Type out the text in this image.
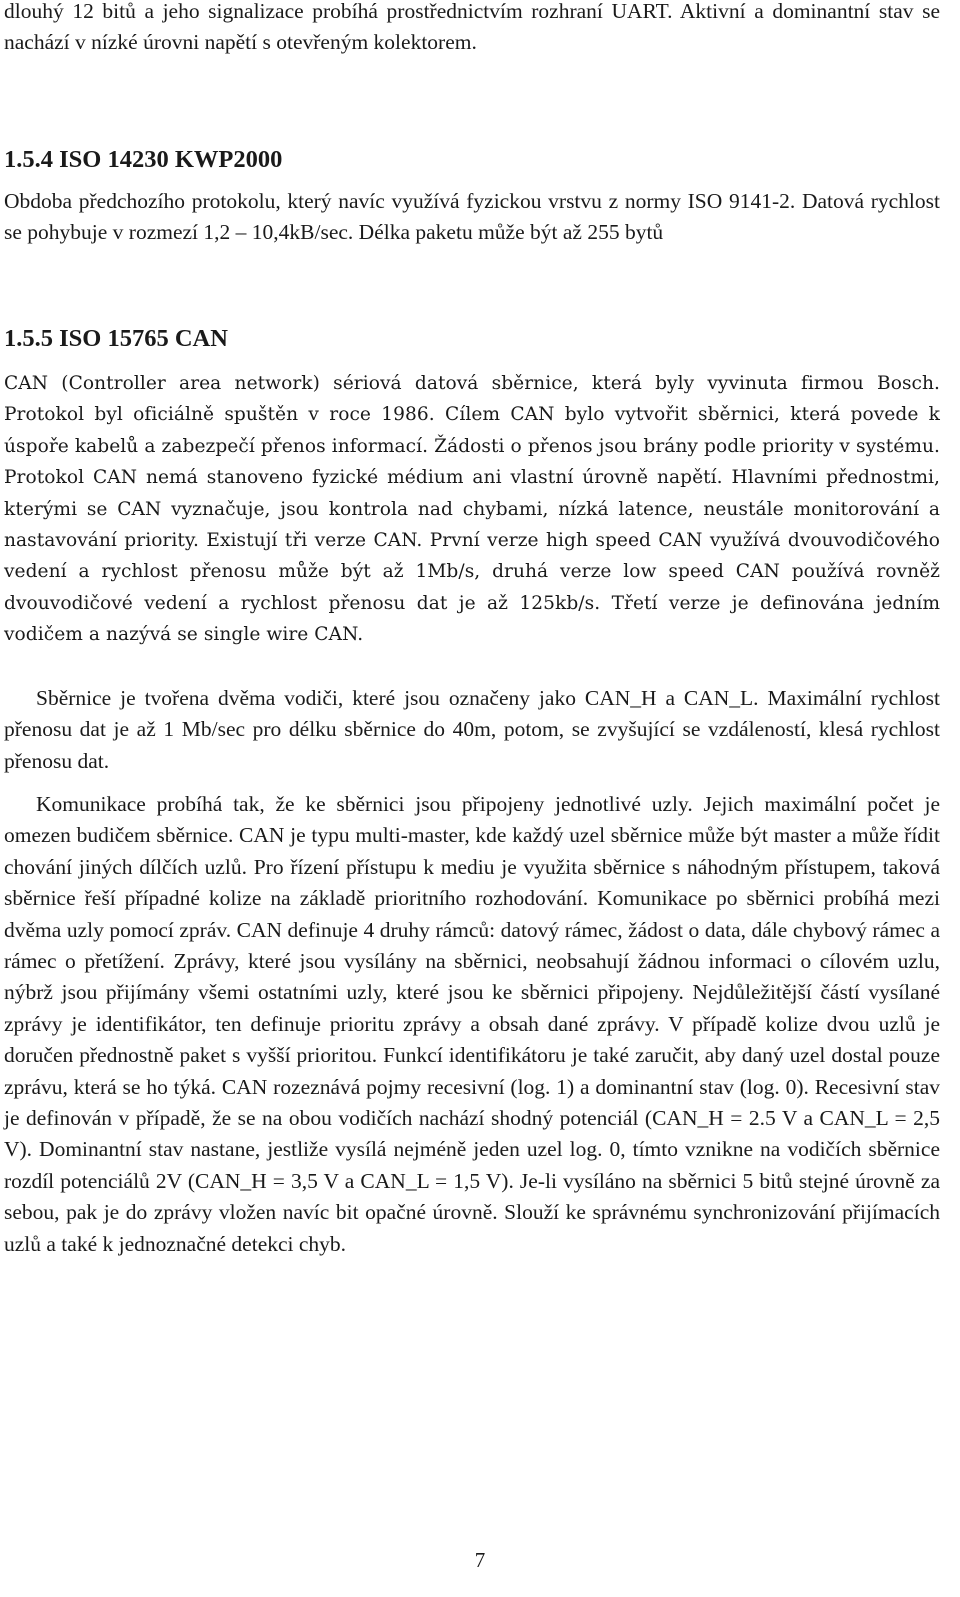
dlouhý 12 bitů a jeho signalizace probíhá prostřednictvím rozhraní UART. Aktivní a dominantní stav se nachází v nízké úrovni napětí s otevřeným kolektorem.

1.5.4 ISO 14230 KWP2000

Obdoba předchozího protokolu, který navíc využívá fyzickou vrstvu z normy ISO 9141-2. Datová rychlost se pohybuje v rozmezí 1,2 – 10,4kB/sec. Délka paketu může být až 255 bytů

1.5.5 ISO 15765 CAN

CAN (Controller area network) sériová datová sběrnice, která byly vyvinuta firmou Bosch. Protokol byl oficiálně spuštěn v roce 1986. Cílem CAN bylo vytvořit sběrnici, která povede k úspoře kabelů a zabezpečí přenos informací. Žádosti o přenos jsou brány podle priority v systému. Protokol CAN nemá stanoveno fyzické médium ani vlastní úrovně napětí. Hlavními přednostmi, kterými se CAN vyznačuje, jsou kontrola nad chybami, nízká latence, neustále monitorování a nastavování priority. Existují tři verze CAN. První verze high speed CAN využívá dvouvodičového vedení a rychlost přenosu může být až 1Mb/s, druhá verze low speed CAN používá rovněž dvouvodičové vedení a rychlost přenosu dat je až 125kb/s. Třetí verze je definována jedním vodičem a nazývá se single wire CAN.

Sběrnice je tvořena dvěma vodiči, které jsou označeny jako CAN_H a CAN_L. Maximální rychlost přenosu dat je až 1 Mb/sec pro délku sběrnice do 40m, potom, se zvyšující se vzdáleností, klesá rychlost přenosu dat.

Komunikace probíhá tak, že ke sběrnici jsou připojeny jednotlivé uzly. Jejich maximální počet je omezen budičem sběrnice. CAN je typu multi-master, kde každý uzel sběrnice může být master a může řídit chování jiných dílčích uzlů. Pro řízení přístupu k mediu je využita sběrnice s náhodným přístupem, taková sběrnice řeší případné kolize na základě prioritního rozhodování. Komunikace po sběrnici probíhá mezi dvěma uzly pomocí zpráv. CAN definuje 4 druhy rámců: datový rámec, žádost o data, dále chybový rámec a rámec o přetížení. Zprávy, které jsou vysílány na sběrnici, neobsahují žádnou informaci o cílovém uzlu, nýbrž jsou přijímány všemi ostatními uzly, které jsou ke sběrnici připojeny. Nejdůležitější částí vysílané zprávy je identifikátor, ten definuje prioritu zprávy a obsah dané zprávy. V případě kolize dvou uzlů je doručen přednostně paket s vyšší prioritou. Funkcí identifikátoru je také zaručit, aby daný uzel dostal pouze zprávu, která se ho týká. CAN rozeznává pojmy recesivní (log. 1) a dominantní stav (log. 0). Recesivní stav je definován v případě, že se na obou vodičích nachází shodný potenciál (CAN_H = 2.5 V a CAN_L = 2,5 V). Dominantní stav nastane, jestliže vysílá nejméně jeden uzel log. 0, tímto vznikne na vodičích sběrnice rozdíl potenciálů 2V (CAN_H = 3,5 V a CAN_L = 1,5 V). Je-li vysíláno na sběrnici 5 bitů stejné úrovně za sebou, pak je do zprávy vložen navíc bit opačné úrovně. Slouží ke správnému synchronizování přijímacích uzlů a také k jednoznačné detekci chyb.

7
